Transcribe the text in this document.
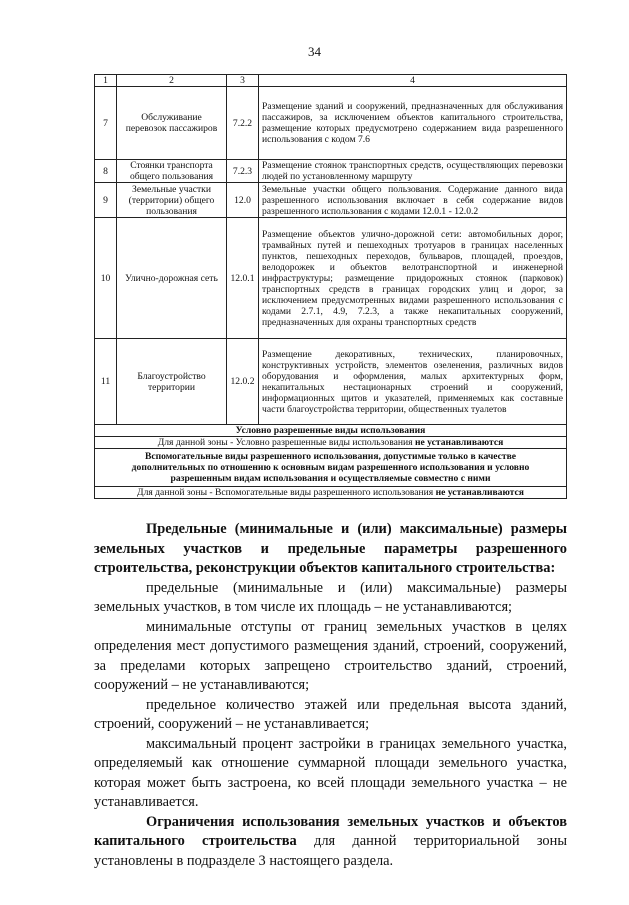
34
1	2	3	4
7	Обслуживание перевозок пассажиров	7.2.2	Размещение зданий и сооружений, предназначенных для обслуживания пассажиров, за исключением объектов капитального строительства, размещение которых предусмотрено содержанием вида разрешенного использования с кодом 7.6
8	Стоянки транспорта общего пользования	7.2.3	Размещение стоянок транспортных средств, осуществляющих перевозки людей по установленному маршруту
9	Земельные участки (территории) общего пользования	12.0	Земельные участки общего пользования. Содержание данного вида разрешенного использования включает в себя содержание видов разрешенного использования с кодами 12.0.1 - 12.0.2
10	Улично-дорожная сеть	12.0.1	Размещение объектов улично-дорожной сети: автомобильных дорог, трамвайных путей и пешеходных тротуаров в границах населенных пунктов, пешеходных переходов, бульваров, площадей, проездов, велодорожек и объектов велотранспортной и инженерной инфраструктуры; размещение придорожных стоянок (парковок) транспортных средств в границах городских улиц и дорог, за исключением предусмотренных видами разрешенного использования с кодами 2.7.1, 4.9, 7.2.3, а также некапитальных сооружений, предназначенных для охраны транспортных средств
11	Благоустройство территории	12.0.2	Размещение декоративных, технических, планировочных, конструктивных устройств, элементов озеленения, различных видов оборудования и оформления, малых архитектурных форм, некапитальных нестационарных строений и сооружений, информационных щитов и указателей, применяемых как составные части благоустройства территории, общественных туалетов
Условно разрешенные виды использования			
Для данной зоны - Условно разрешенные виды использования не устанавливаются			
Вспомогательные виды разрешенного использования, допустимые только в качестве дополнительных по отношению к основным видам разрешенного использования и условно разрешенным видам использования и осуществляемые совместно с ними			
Для данной зоны - Вспомогательные виды разрешенного использования не устанавливаются			

Предельные (минимальные и (или) максимальные) размеры земельных участков и предельные параметры разрешенного строительства, реконструкции объектов капитального строительства:

предельные (минимальные и (или) максимальные) размеры земельных участков, в том числе их площадь – не устанавливаются;

минимальные отступы от границ земельных участков в целях определения мест допустимого размещения зданий, строений, сооружений, за пределами которых запрещено строительство зданий, строений, сооружений – не устанавливаются;

предельное количество этажей или предельная высота зданий, строений, сооружений – не устанавливается;

максимальный процент застройки в границах земельного участка, определяемый как отношение суммарной площади земельного участка, которая может быть застроена, ко всей площади земельного участка – не устанавливается.

Ограничения использования земельных участков и объектов капитального строительства для данной территориальной зоны установлены в подразделе 3 настоящего раздела.
